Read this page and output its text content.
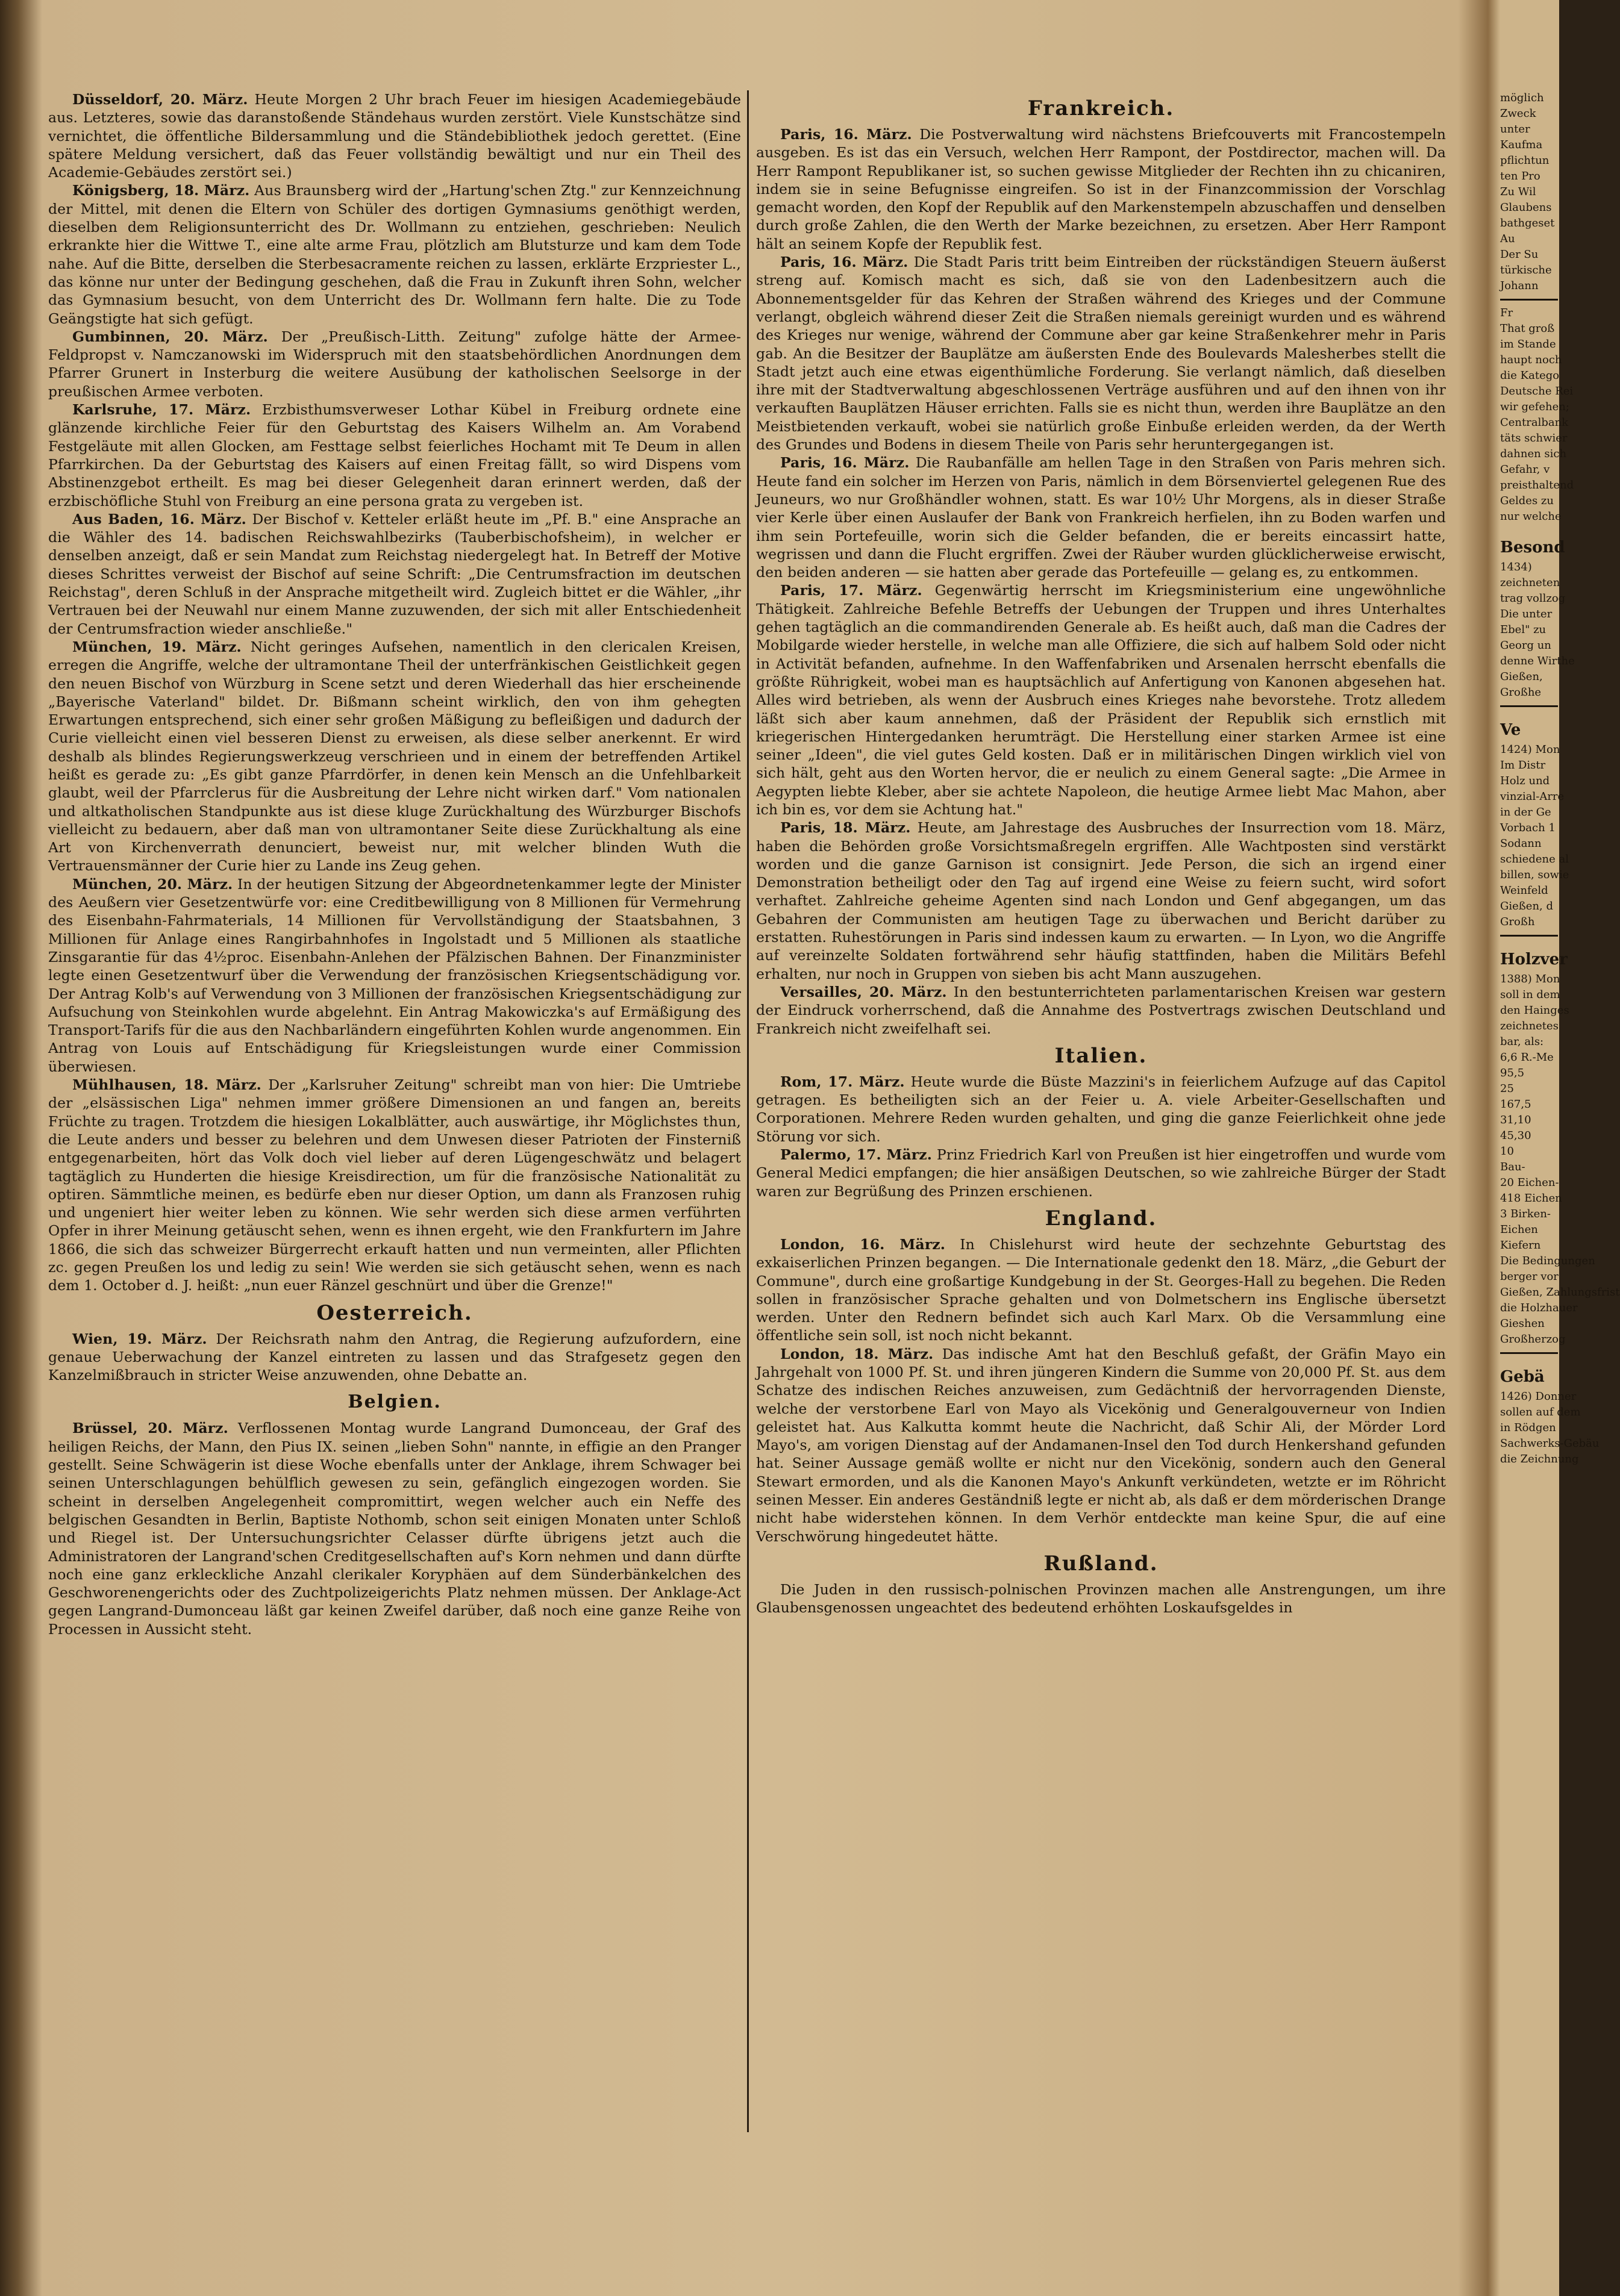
Düsseldorf, 20. März. Heute Morgen 2 Uhr brach Feuer im hiesigen Academiegebäude aus. Letzteres, sowie das daranstoßende Ständehaus wurden zerstört. Viele Kunstschätze sind vernichtet, die öffentliche Bildersammlung und die Ständebibliothek jedoch gerettet. (Eine spätere Meldung versichert, daß das Feuer vollständig bewältigt und nur ein Theil des Academie-Gebäudes zerstört sei.)

Königsberg, 18. März. Aus Braunsberg wird der „Hartung'schen Ztg." zur Kennzeichnung der Mittel, mit denen die Eltern von Schüler des dortigen Gymnasiums genöthigt werden, dieselben dem Religionsunterricht des Dr. Wollmann zu entziehen, geschrieben: Neulich erkrankte hier die Wittwe T., eine alte arme Frau, plötzlich am Blutsturze und kam dem Tode nahe. Auf die Bitte, derselben die Sterbesacramente reichen zu lassen, erklärte Erzpriester L., das könne nur unter der Bedingung geschehen, daß die Frau in Zukunft ihren Sohn, welcher das Gymnasium besucht, von dem Unterricht des Dr. Wollmann fern halte. Die zu Tode Geängstigte hat sich gefügt.

Gumbinnen, 20. März. Der „Preußisch-Litth. Zeitung" zufolge hätte der Armee-Feldpropst v. Namczanowski im Widerspruch mit den staatsbehördlichen Anordnungen dem Pfarrer Grunert in Insterburg die weitere Ausübung der katholischen Seelsorge in der preußischen Armee verboten.

Karlsruhe, 17. März. Erzbisthumsverweser Lothar Kübel in Freiburg ordnete eine glänzende kirchliche Feier für den Geburtstag des Kaisers Wilhelm an. Am Vorabend Festgeläute mit allen Glocken, am Festtage selbst feierliches Hochamt mit Te Deum in allen Pfarrkirchen. Da der Geburtstag des Kaisers auf einen Freitag fällt, so wird Dispens vom Abstinenzgebot ertheilt. Es mag bei dieser Gelegenheit daran erinnert werden, daß der erzbischöfliche Stuhl von Freiburg an eine persona grata zu vergeben ist.

Aus Baden, 16. März. Der Bischof v. Ketteler erläßt heute im „Pf. B." eine Ansprache an die Wähler des 14. badischen Reichswahlbezirks (Tauberbischofsheim), in welcher er denselben anzeigt, daß er sein Mandat zum Reichstag niedergelegt hat. In Betreff der Motive dieses Schrittes verweist der Bischof auf seine Schrift: „Die Centrumsfraction im deutschen Reichstag", deren Schluß in der Ansprache mitgetheilt wird. Zugleich bittet er die Wähler, „ihr Vertrauen bei der Neuwahl nur einem Manne zuzuwenden, der sich mit aller Entschiedenheit der Centrumsfraction wieder anschließe."

München, 19. März. Nicht geringes Aufsehen, namentlich in den clericalen Kreisen, erregen die Angriffe, welche der ultramontane Theil der unterfränkischen Geistlichkeit gegen den neuen Bischof von Würzburg in Scene setzt und deren Wiederhall das hier erscheinende „Bayerische Vaterland" bildet. Dr. Bißmann scheint wirklich, den von ihm gehegten Erwartungen entsprechend, sich einer sehr großen Mäßigung zu befleißigen und dadurch der Curie vielleicht einen viel besseren Dienst zu erweisen, als diese selber anerkennt. Er wird deshalb als blindes Regierungswerkzeug verschrieen und in einem der betreffenden Artikel heißt es gerade zu: „Es gibt ganze Pfarrdörfer, in denen kein Mensch an die Unfehlbarkeit glaubt, weil der Pfarrclerus für die Ausbreitung der Lehre nicht wirken darf." Vom nationalen und altkatholischen Standpunkte aus ist diese kluge Zurückhaltung des Würzburger Bischofs vielleicht zu bedauern, aber daß man von ultramontaner Seite diese Zurückhaltung als eine Art von Kirchenverrath denunciert, beweist nur, mit welcher blinden Wuth die Vertrauensmänner der Curie hier zu Lande ins Zeug gehen.

München, 20. März. In der heutigen Sitzung der Abgeordnetenkammer legte der Minister des Aeußern vier Gesetzentwürfe vor: eine Creditbewilligung von 8 Millionen für Vermehrung des Eisenbahn-Fahrmaterials, 14 Millionen für Vervollständigung der Staatsbahnen, 3 Millionen für Anlage eines Rangirbahnhofes in Ingolstadt und 5 Millionen als staatliche Zinsgarantie für das 4½proc. Eisenbahn-Anlehen der Pfälzischen Bahnen. Der Finanzminister legte einen Gesetzentwurf über die Verwendung der französischen Kriegsentschädigung vor. Der Antrag Kolb's auf Verwendung von 3 Millionen der französischen Kriegsentschädigung zur Aufsuchung von Steinkohlen wurde abgelehnt. Ein Antrag Makowiczka's auf Ermäßigung des Transport-Tarifs für die aus den Nachbarländern eingeführten Kohlen wurde angenommen. Ein Antrag von Louis auf Entschädigung für Kriegsleistungen wurde einer Commission überwiesen.

Mühlhausen, 18. März. Der „Karlsruher Zeitung" schreibt man von hier: Die Umtriebe der „elsässischen Liga" nehmen immer größere Dimensionen an und fangen an, bereits Früchte zu tragen. Trotzdem die hiesigen Lokalblätter, auch auswärtige, ihr Möglichstes thun, die Leute anders und besser zu belehren und dem Unwesen dieser Patrioten der Finsterniß entgegenarbeiten, hört das Volk doch viel lieber auf deren Lügengeschwätz und belagert tagtäglich zu Hunderten die hiesige Kreisdirection, um für die französische Nationalität zu optiren. Sämmtliche meinen, es bedürfe eben nur dieser Option, um dann als Franzosen ruhig und ungeniert hier weiter leben zu können. Wie sehr werden sich diese armen verführten Opfer in ihrer Meinung getäuscht sehen, wenn es ihnen ergeht, wie den Frankfurtern im Jahre 1866, die sich das schweizer Bürgerrecht erkauft hatten und nun vermeinten, aller Pflichten zc. gegen Preußen los und ledig zu sein! Wie werden sie sich getäuscht sehen, wenn es nach dem 1. October d. J. heißt: „nun euer Ränzel geschnürt und über die Grenze!"

Oesterreich.

Wien, 19. März. Der Reichsrath nahm den Antrag, die Regierung aufzufordern, eine genaue Ueberwachung der Kanzel eintreten zu lassen und das Strafgesetz gegen den Kanzelmißbrauch in stricter Weise anzuwenden, ohne Debatte an.

Belgien.

Brüssel, 20. März. Verflossenen Montag wurde Langrand Dumonceau, der Graf des heiligen Reichs, der Mann, den Pius IX. seinen „lieben Sohn" nannte, in effigie an den Pranger gestellt. Seine Schwägerin ist diese Woche ebenfalls unter der Anklage, ihrem Schwager bei seinen Unterschlagungen behülflich gewesen zu sein, gefänglich eingezogen worden. Sie scheint in derselben Angelegenheit compromittirt, wegen welcher auch ein Neffe des belgischen Gesandten in Berlin, Baptiste Nothomb, schon seit einigen Monaten unter Schloß und Riegel ist. Der Untersuchungsrichter Celasser dürfte übrigens jetzt auch die Administratoren der Langrand'schen Creditgesellschaften auf's Korn nehmen und dann dürfte noch eine ganz erkleckliche Anzahl clerikaler Koryphäen auf dem Sünderbänkelchen des Geschworenengerichts oder des Zuchtpolizeigerichts Platz nehmen müssen. Der Anklage-Act gegen Langrand-Dumonceau läßt gar keinen Zweifel darüber, daß noch eine ganze Reihe von Processen in Aussicht steht.

Frankreich.

Paris, 16. März. Die Postverwaltung wird nächstens Briefcouverts mit Francostempeln ausgeben. Es ist das ein Versuch, welchen Herr Rampont, der Postdirector, machen will. Da Herr Rampont Republikaner ist, so suchen gewisse Mitglieder der Rechten ihn zu chicaniren, indem sie in seine Befugnisse eingreifen. So ist in der Finanzcommission der Vorschlag gemacht worden, den Kopf der Republik auf den Markenstempeln abzuschaffen und denselben durch große Zahlen, die den Werth der Marke bezeichnen, zu ersetzen. Aber Herr Rampont hält an seinem Kopfe der Republik fest.

Paris, 16. März. Die Stadt Paris tritt beim Eintreiben der rückständigen Steuern äußerst streng auf. Komisch macht es sich, daß sie von den Ladenbesitzern auch die Abonnementsgelder für das Kehren der Straßen während des Krieges und der Commune verlangt, obgleich während dieser Zeit die Straßen niemals gereinigt wurden und es während des Krieges nur wenige, während der Commune aber gar keine Straßenkehrer mehr in Paris gab. An die Besitzer der Bauplätze am äußersten Ende des Boulevards Malesherbes stellt die Stadt jetzt auch eine etwas eigenthümliche Forderung. Sie verlangt nämlich, daß dieselben ihre mit der Stadtverwaltung abgeschlossenen Verträge ausführen und auf den ihnen von ihr verkauften Bauplätzen Häuser errichten. Falls sie es nicht thun, werden ihre Bauplätze an den Meistbietenden verkauft, wobei sie natürlich große Einbuße erleiden werden, da der Werth des Grundes und Bodens in diesem Theile von Paris sehr heruntergegangen ist.

Paris, 16. März. Die Raubanfälle am hellen Tage in den Straßen von Paris mehren sich. Heute fand ein solcher im Herzen von Paris, nämlich in dem Börsenviertel gelegenen Rue des Jeuneurs, wo nur Großhändler wohnen, statt. Es war 10½ Uhr Morgens, als in dieser Straße vier Kerle über einen Auslaufer der Bank von Frankreich herfielen, ihn zu Boden warfen und ihm sein Portefeuille, worin sich die Gelder befanden, die er bereits eincassirt hatte, wegrissen und dann die Flucht ergriffen. Zwei der Räuber wurden glücklicherweise erwischt, den beiden anderen — sie hatten aber gerade das Portefeuille — gelang es, zu entkommen.

Paris, 17. März. Gegenwärtig herrscht im Kriegsministerium eine ungewöhnliche Thätigkeit. Zahlreiche Befehle Betreffs der Uebungen der Truppen und ihres Unterhaltes gehen tagtäglich an die commandirenden Generale ab. Es heißt auch, daß man die Cadres der Mobilgarde wieder herstelle, in welche man alle Offiziere, die sich auf halbem Sold oder nicht in Activität befanden, aufnehme. In den Waffenfabriken und Arsenalen herrscht ebenfalls die größte Rührigkeit, wobei man es hauptsächlich auf Anfertigung von Kanonen abgesehen hat. Alles wird betrieben, als wenn der Ausbruch eines Krieges nahe bevorstehe. Trotz alledem läßt sich aber kaum annehmen, daß der Präsident der Republik sich ernstlich mit kriegerischen Hintergedanken herumträgt. Die Herstellung einer starken Armee ist eine seiner „Ideen", die viel gutes Geld kosten. Daß er in militärischen Dingen wirklich viel von sich hält, geht aus den Worten hervor, die er neulich zu einem General sagte: „Die Armee in Aegypten liebte Kleber, aber sie achtete Napoleon, die heutige Armee liebt Mac Mahon, aber ich bin es, vor dem sie Achtung hat."

Paris, 18. März. Heute, am Jahrestage des Ausbruches der Insurrection vom 18. März, haben die Behörden große Vorsichtsmaßregeln ergriffen. Alle Wachtposten sind verstärkt worden und die ganze Garnison ist consignirt. Jede Person, die sich an irgend einer Demonstration betheiligt oder den Tag auf irgend eine Weise zu feiern sucht, wird sofort verhaftet. Zahlreiche geheime Agenten sind nach London und Genf abgegangen, um das Gebahren der Communisten am heutigen Tage zu überwachen und Bericht darüber zu erstatten. Ruhestörungen in Paris sind indessen kaum zu erwarten. — In Lyon, wo die Angriffe auf vereinzelte Soldaten fortwährend sehr häufig stattfinden, haben die Militärs Befehl erhalten, nur noch in Gruppen von sieben bis acht Mann auszugehen.

Versailles, 20. März. In den bestunterrichteten parlamentarischen Kreisen war gestern der Eindruck vorherrschend, daß die Annahme des Postvertrags zwischen Deutschland und Frankreich nicht zweifelhaft sei.

Italien.

Rom, 17. März. Heute wurde die Büste Mazzini's in feierlichem Aufzuge auf das Capitol getragen. Es betheiligten sich an der Feier u. A. viele Arbeiter-Gesellschaften und Corporationen. Mehrere Reden wurden gehalten, und ging die ganze Feierlichkeit ohne jede Störung vor sich.

Palermo, 17. März. Prinz Friedrich Karl von Preußen ist hier eingetroffen und wurde vom General Medici empfangen; die hier ansäßigen Deutschen, so wie zahlreiche Bürger der Stadt waren zur Begrüßung des Prinzen erschienen.

England.

London, 16. März. In Chislehurst wird heute der sechzehnte Geburtstag des exkaiserlichen Prinzen begangen. — Die Internationale gedenkt den 18. März, „die Geburt der Commune", durch eine großartige Kundgebung in der St. Georges-Hall zu begehen. Die Reden sollen in französischer Sprache gehalten und von Dolmetschern ins Englische übersetzt werden. Unter den Rednern befindet sich auch Karl Marx. Ob die Versammlung eine öffentliche sein soll, ist noch nicht bekannt.

London, 18. März. Das indische Amt hat den Beschluß gefaßt, der Gräfin Mayo ein Jahrgehalt von 1000 Pf. St. und ihren jüngeren Kindern die Summe von 20,000 Pf. St. aus dem Schatze des indischen Reiches anzuweisen, zum Gedächtniß der hervorragenden Dienste, welche der verstorbene Earl von Mayo als Vicekönig und Generalgouverneur von Indien geleistet hat. Aus Kalkutta kommt heute die Nachricht, daß Schir Ali, der Mörder Lord Mayo's, am vorigen Dienstag auf der Andamanen-Insel den Tod durch Henkershand gefunden hat. Seiner Aussage gemäß wollte er nicht nur den Vicekönig, sondern auch den General Stewart ermorden, und als die Kanonen Mayo's Ankunft verkündeten, wetzte er im Röhricht seinen Messer. Ein anderes Geständniß legte er nicht ab, als daß er dem mörderischen Drange nicht habe widerstehen können. In dem Verhör entdeckte man keine Spur, die auf eine Verschwörung hingedeutet hätte.

Rußland.

Die Juden in den russisch-polnischen Provinzen machen alle Anstrengungen, um ihre Glaubensgenossen ungeachtet des bedeutend erhöhten Loskaufsgeldes in

möglich
Zweck
unter
Kaufma
pflichtun
ten Pro
Zu Wil
Glaubens
bathgeset
Au
Der Su
türkische
Johann
Fr
That groß
im Stande
haupt noch
die Katego
Deutsche Rei
wir gefehen;
Centralbank
täts schwier
dahnen sich
Gefahr, v
preisthaltend
Geldes zu
nur welche
Besond
1434)
zeichneten
trag vollzog
Die unter
Ebel" zu
Georg un
denne Wirthe
Gießen,
Großhe
Ve
1424) Mon
Im Distr
Holz und
vinzial-Arre
in der Ge
Vorbach 1
Sodann
schiedene al
billen, sowie
Weinfeld
Gießen, d
Großh
Holzver
1388) Mon
soll in dem
den Hainges
zeichnetes
bar, als:
6,6 R.-Me
95,5
25
167,5
31,10
45,30
10
Bau-
20 Eichen-
418 Eichen
3 Birken-
Eichen
Kiefern
Die Bedingungen
berger vor
Gießen, Zahlungsfrist
die Holzhauer
Gieshen
Großherzog
Gebä
1426) Donner
sollen auf dem
in Rödgen
Sachwerks-Gebäu
die Zeichnung
